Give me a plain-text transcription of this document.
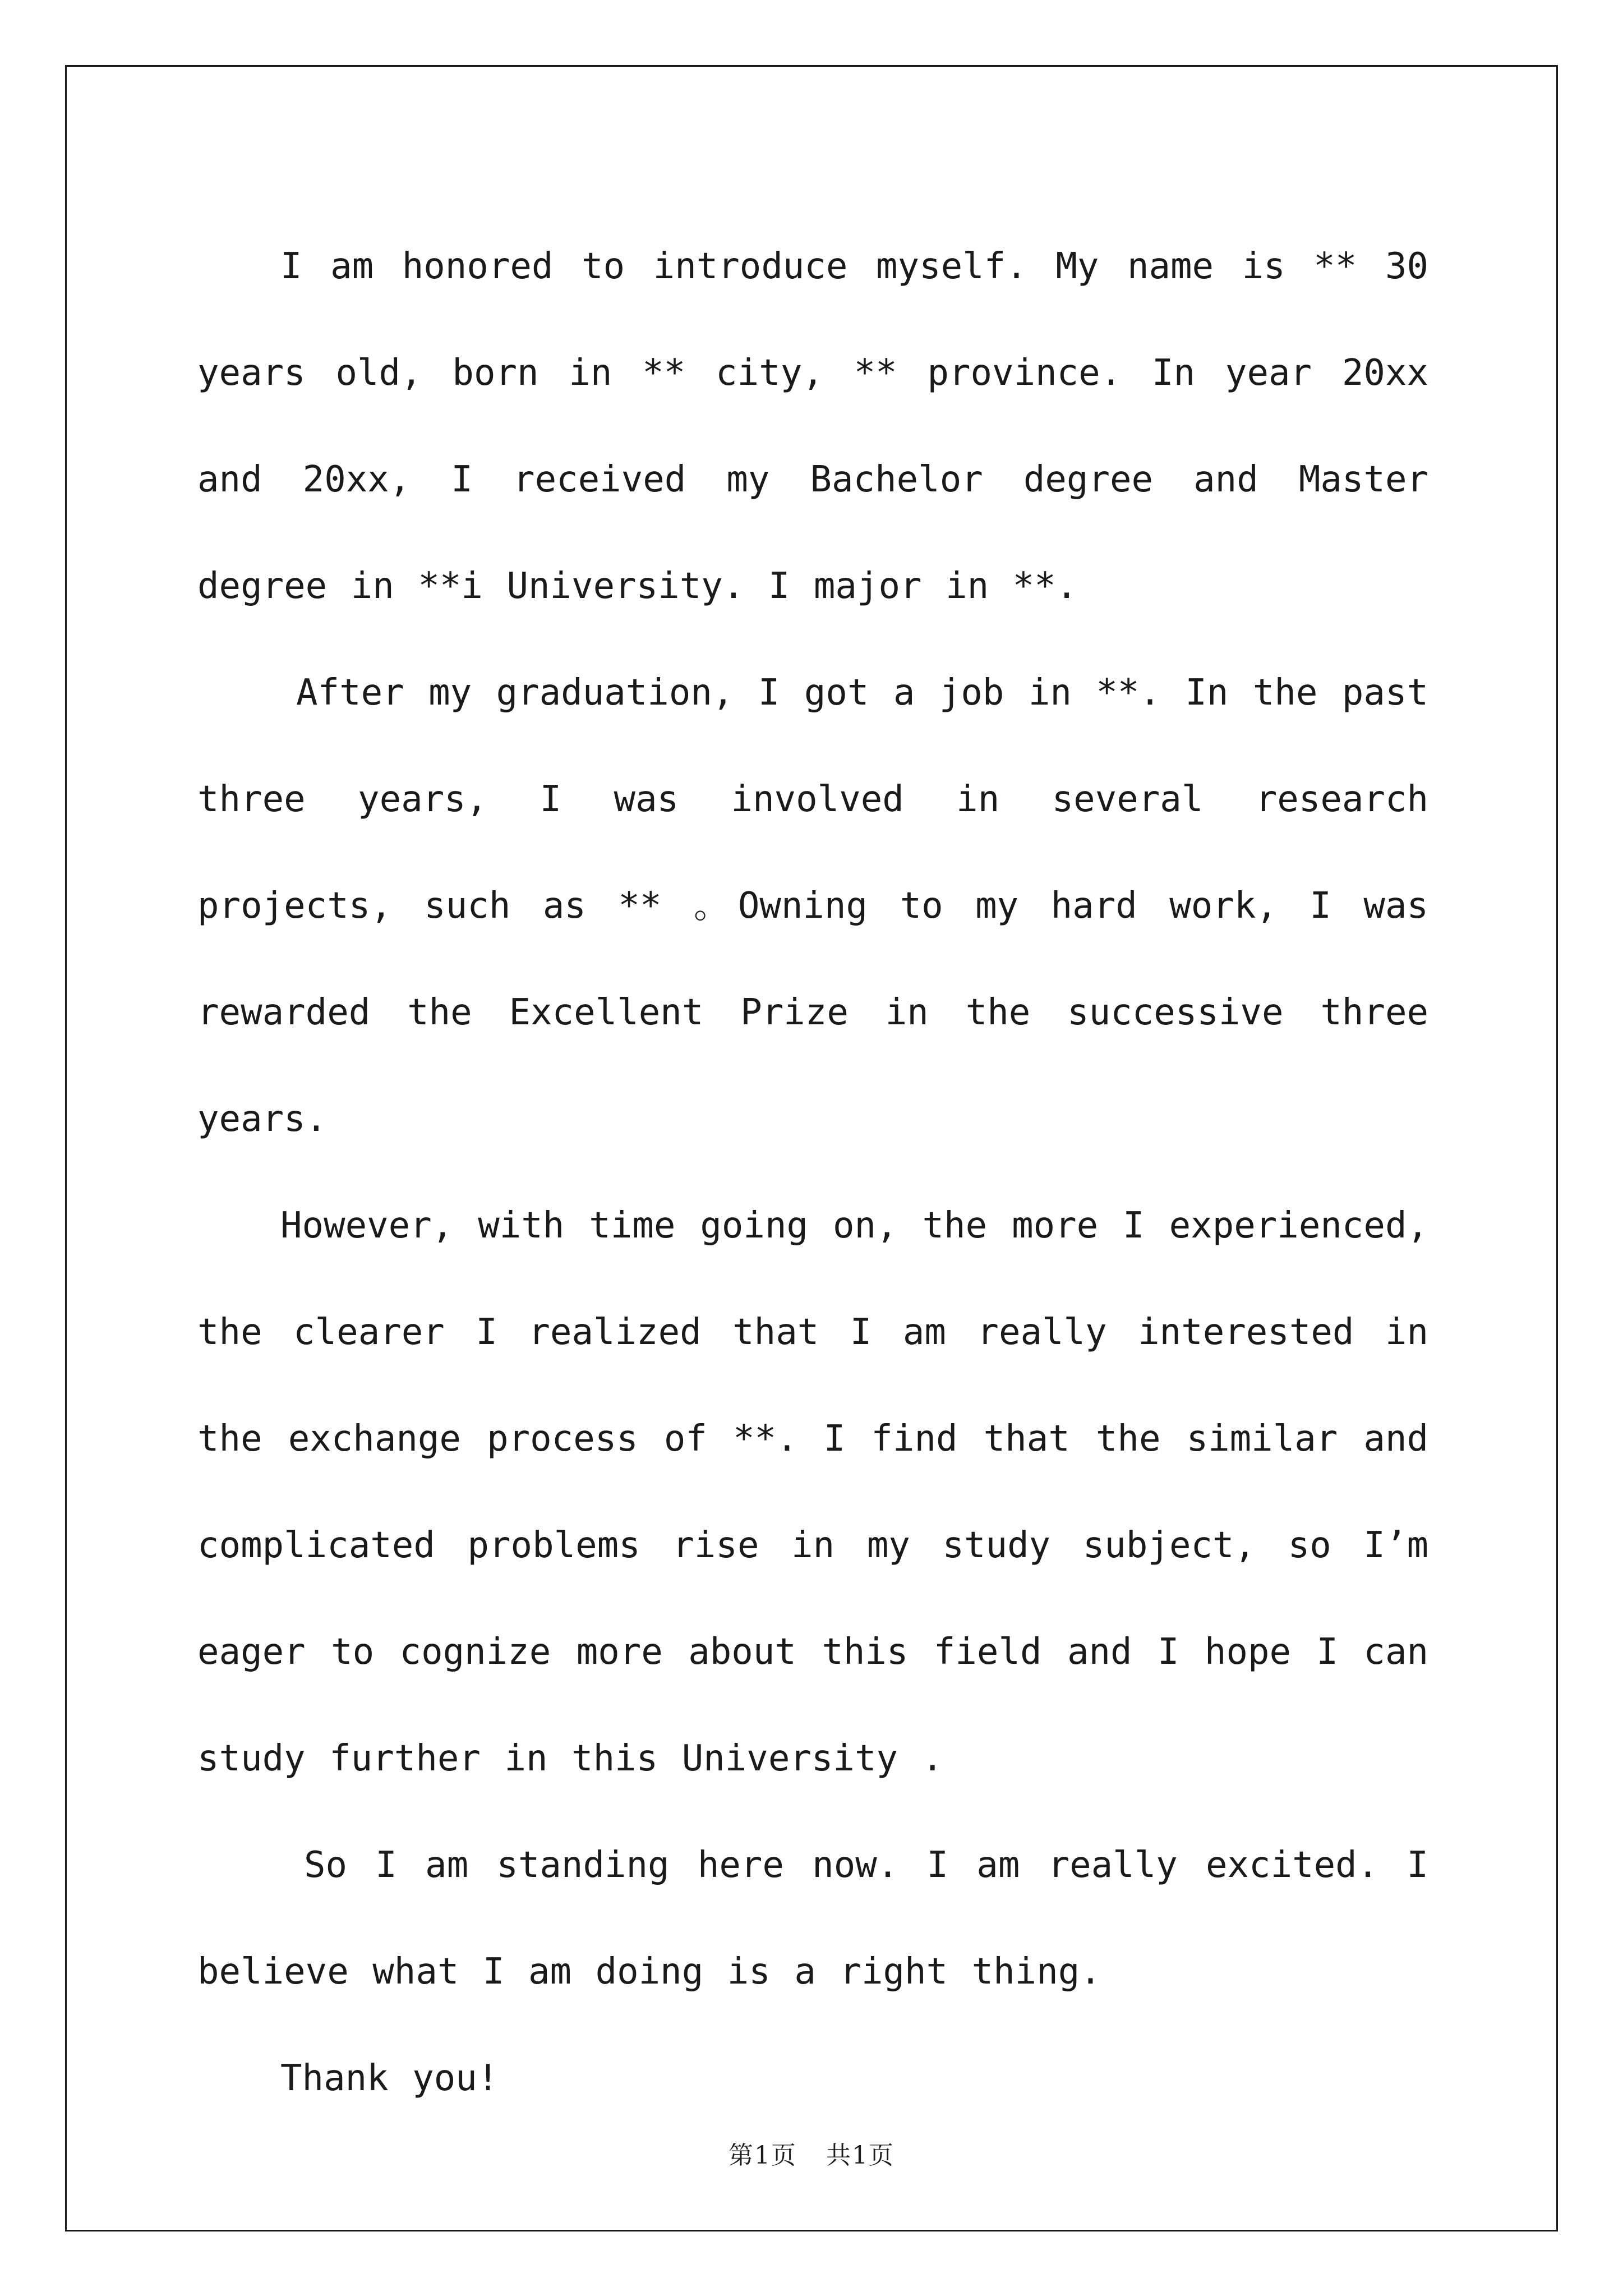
I am honored to introduce myself. My name is ** 30 years old, born in ** city, ** province. In year 20xx and 20xx, I received my Bachelor degree and Master degree in **i University. I major in **.

After my graduation, I got a job in **. In the past three years, I was involved in several research projects, such as ** 。Owning to my hard work, I was rewarded the Excellent Prize in the successive three years.

However, with time going on, the more I experienced, the clearer I realized that I am really interested in the exchange process of **. I find that the similar and complicated problems rise in my study subject, so I’m eager to cognize more about this field and I hope I can study further in this University .

So I am standing here now. I am really excited. I believe what I am doing is a right thing.

Thank you!

第1页 共1页
